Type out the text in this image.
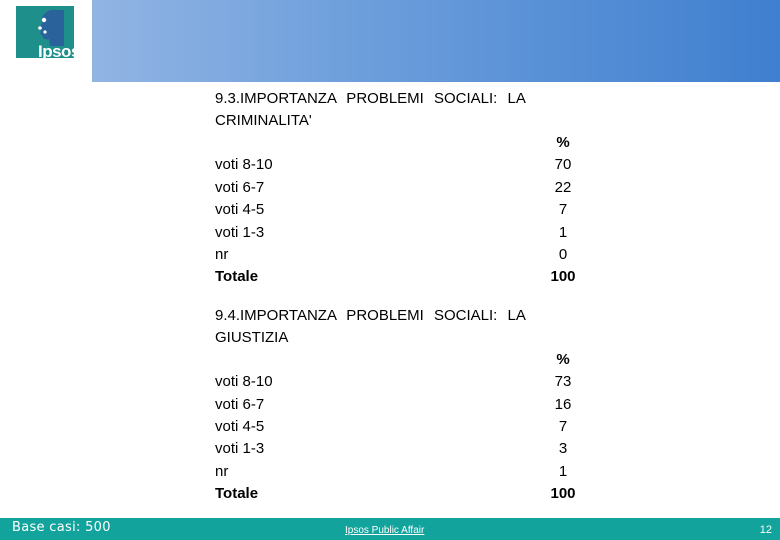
Ipsos
9.3.IMPORTANZA PROBLEMI SOCIALI: LA CRIMINALITA'
%
voti 8-10	70
voti 6-7	22
voti 4-5	7
voti 1-3	1
nr	0
Totale	100
9.4.IMPORTANZA PROBLEMI SOCIALI: LA GIUSTIZIA
%
voti 8-10	73
voti 6-7	16
voti 4-5	7
voti 1-3	3
nr	1
Totale	100
Base casi: 500	Ipsos Public Affair	12
